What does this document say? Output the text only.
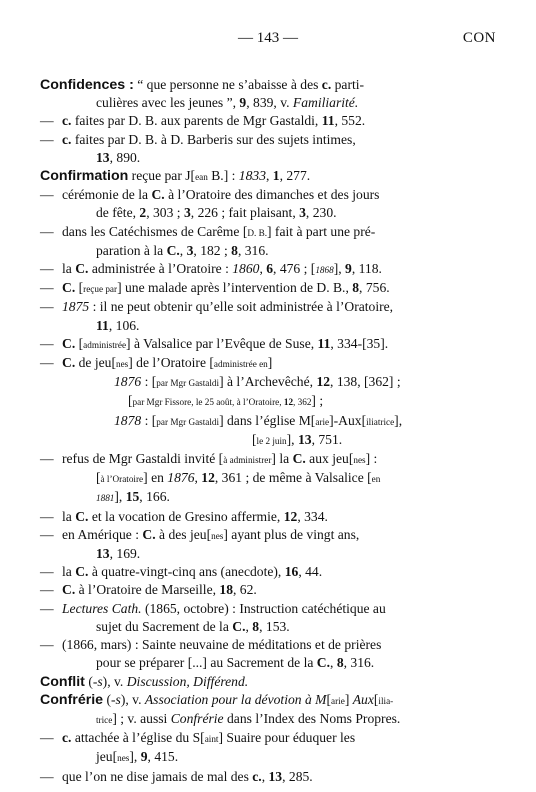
— 143 —	CON
Confidences : “ que personne ne s’abaisse à des c. parti-
culières avec les jeunes ”, 9, 839, v. Familiarité.
— c. faites par D. B. aux parents de Mgr Gastaldi, 11, 552.
— c. faites par D. B. à D. Barberis sur des sujets intimes,
13, 890.
Confirmation reçue par J[ean B.] : 1833, 1, 277.
— cérémonie de la C. à l’Oratoire des dimanches et des jours
de fête, 2, 303 ; 3, 226 ; fait plaisant, 3, 230.
— dans les Catéchismes de Carême [D. B.] fait à part une pré-
paration à la C., 3, 182 ; 8, 316.
— la C. administrée à l’Oratoire : 1860, 6, 476 ; [1868], 9, 118.
— C. [reçue par] une malade après l’intervention de D. B., 8, 756.
— 1875 : il ne peut obtenir qu’elle soit administrée à l’Oratoire,
11, 106.
— C. [administrée] à Valsalice par l’Evêque de Suse, 11, 334-[35].
— C. de jeu[nes] de l’Oratoire [administrée en]
1876 : [par Mgr Gastaldi] à l’Archevêché, 12, 138, [362] ;
[par Mgr Fissore, le 25 août, à l’Oratoire, 12, 362] ;
1878 : [par Mgr Gastaldi] dans l’église M[arie]-Aux[iliatrice],
[le 2 juin], 13, 751.
— refus de Mgr Gastaldi invité [à administrer] la C. aux jeu[nes] :
[à l’Oratoire] en 1876, 12, 361 ; de même à Valsalice [en
1881], 15, 166.
— la C. et la vocation de Gresino affermie, 12, 334.
— en Amérique : C. à des jeu[nes] ayant plus de vingt ans,
13, 169.
— la C. à quatre-vingt-cinq ans (anecdote), 16, 44.
— C. à l’Oratoire de Marseille, 18, 62.
— Lectures Cath. (1865, octobre) : Instruction catéchétique au
sujet du Sacrement de la C., 8, 153.
— (1866, mars) : Sainte neuvaine de méditations et de prières
pour se préparer [...] au Sacrement de la C., 8, 316.
Conflit (-s), v. Discussion, Différend.
Confrérie (-s), v. Association pour la dévotion à M[arie] Aux[ilia-
trice] ; v. aussi Confrérie dans l’Index des Noms Propres.
— c. attachée à l’église du S[aint] Suaire pour éduquer les
jeu[nes], 9, 415.
— que l’on ne dise jamais de mal des c., 13, 285.
